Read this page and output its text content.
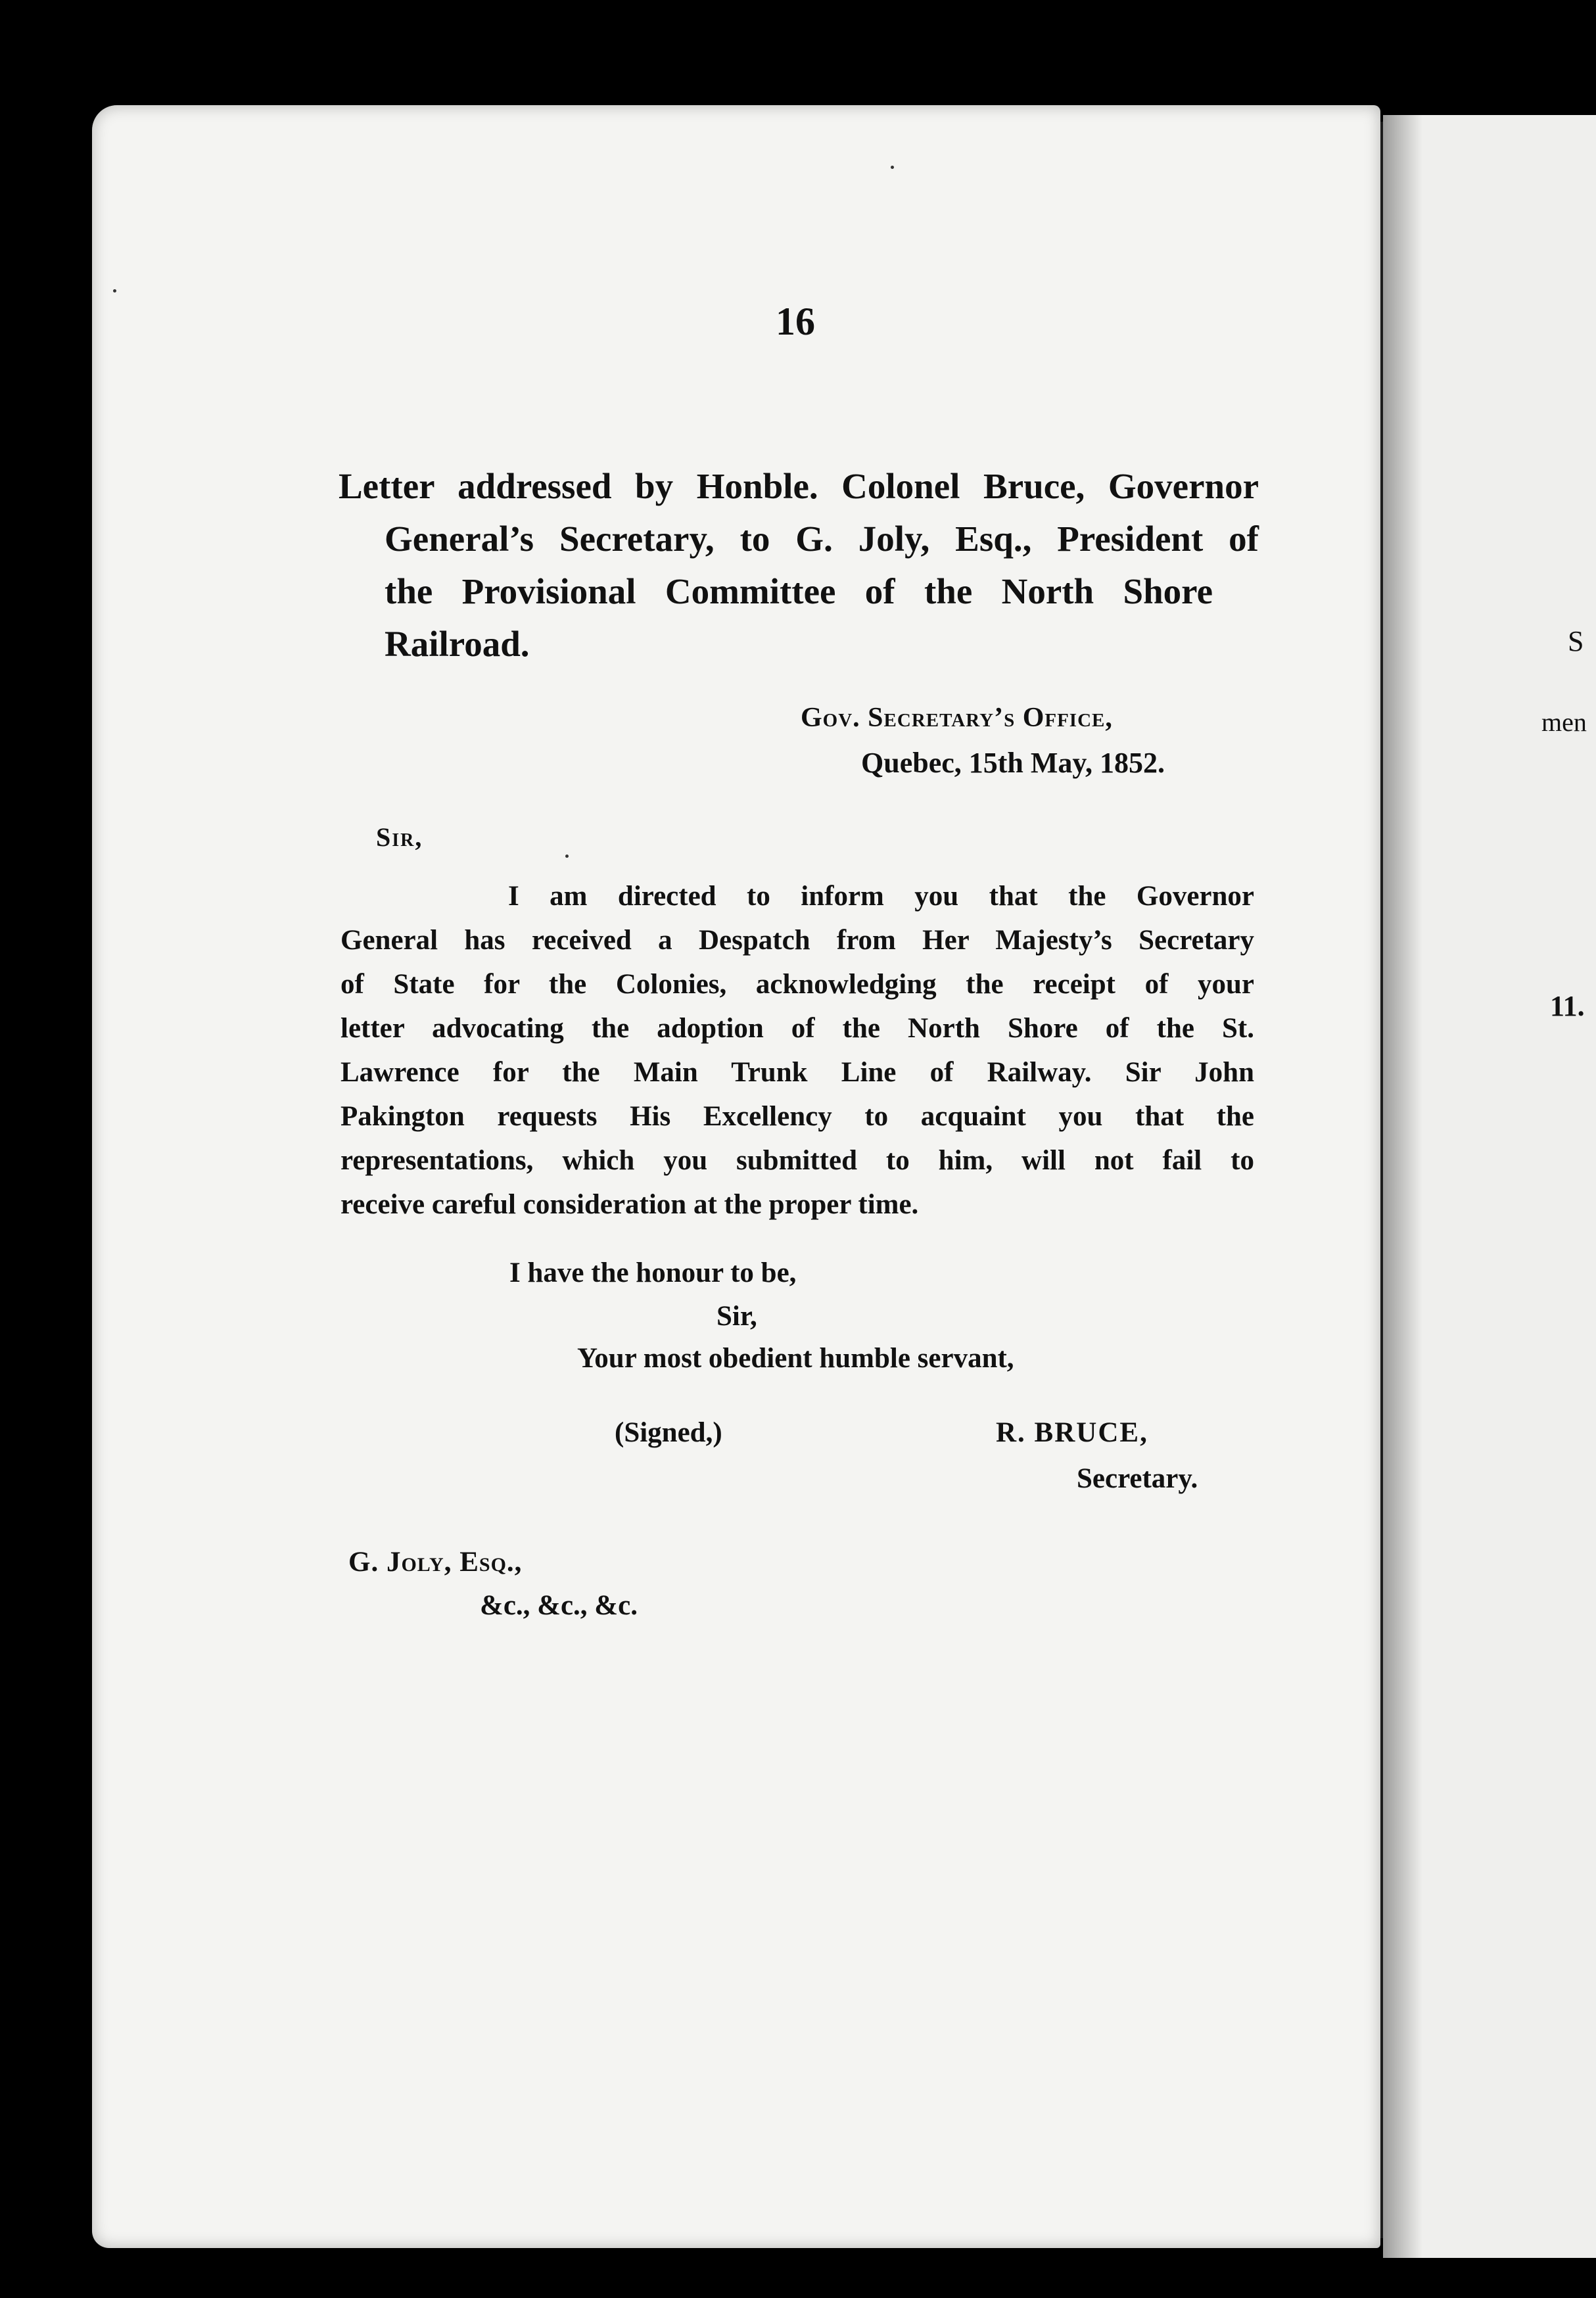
S
men
11.
16
Letter addressed by Honble. Colonel Bruce, Governor
General’s Secretary, to G. Joly, Esq., President of
the Provisional Committee of the North Shore
Railroad.
Gov. Secretary’s Office,
Quebec, 15th May, 1852.
Sir,
I am directed to inform you that the Governor
General has received a Despatch from Her Majesty’s Secretary
of State for the Colonies, acknowledging the receipt of your
letter advocating the adoption of the North Shore of the St.
Lawrence for the Main Trunk Line of Railway. Sir John
Pakington requests His Excellency to acquaint you that the
representations, which you submitted to him, will not fail to
receive careful consideration at the proper time.
I have the honour to be,
Sir,
Your most obedient humble servant,
(Signed,)	R. BRUCE,
Secretary.
G. Joly, Esq.,
&c., &c., &c.
